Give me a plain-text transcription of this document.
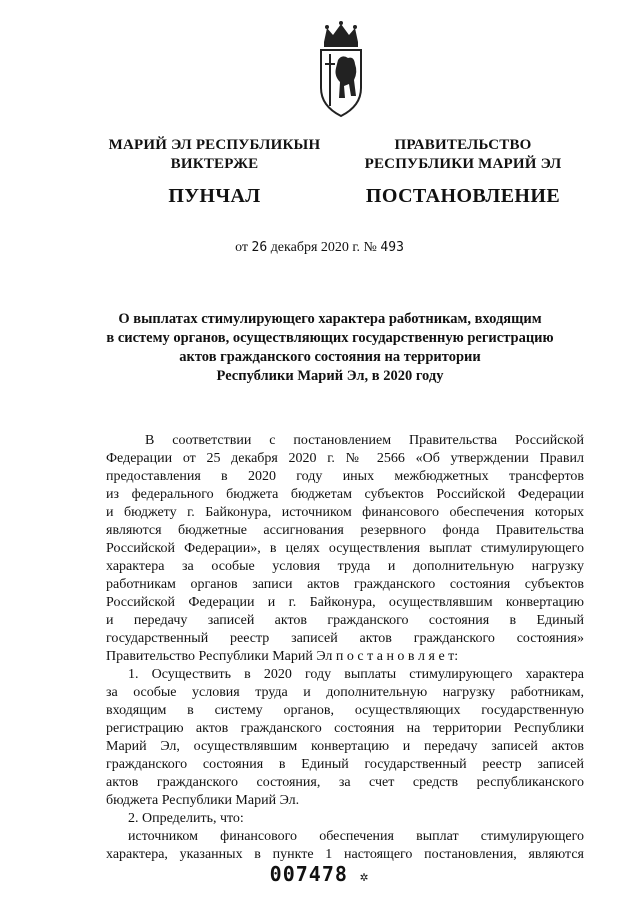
МАРИЙ ЭЛ РЕСПУБЛИКЫН
ВИКТЕРЖЕ
ПУНЧАЛ
ПРАВИТЕЛЬСТВО
РЕСПУБЛИКИ МАРИЙ ЭЛ
ПОСТАНОВЛЕНИЕ
от 26 декабря 2020 г. № 493
О выплатах стимулирующего характера работникам, входящим
в систему органов, осуществляющих государственную регистрацию
актов гражданского состояния на территории
Республики Марий Эл, в 2020 году
В соответствии с постановлением Правительства Российской
Федерации от 25 декабря 2020 г. № 2566 «Об утверждении Правил
предоставления в 2020 году иных межбюджетных трансфертов
из федерального бюджета бюджетам субъектов Российской Федерации
и бюджету г. Байконура, источником финансового обеспечения которых
являются бюджетные ассигнования резервного фонда Правительства
Российской Федерации», в целях осуществления выплат стимулирующего
характера за особые условия труда и дополнительную нагрузку
работникам органов записи актов гражданского состояния субъектов
Российской Федерации и г. Байконура, осуществлявшим конвертацию
и передачу записей актов гражданского состояния в Единый
государственный реестр записей актов гражданского состояния»
Правительство Республики Марий Эл п о с т а н о в л я е т:
1. Осуществить в 2020 году выплаты стимулирующего характера
за особые условия труда и дополнительную нагрузку работникам,
входящим в систему органов, осуществляющих государственную
регистрацию актов гражданского состояния на территории Республики
Марий Эл, осуществлявшим конвертацию и передачу записей актов
гражданского состояния в Единый государственный реестр записей
актов гражданского состояния, за счет средств республиканского
бюджета Республики Марий Эл.
2. Определить, что:
источником финансового обеспечения выплат стимулирующего
характера, указанных в пункте 1 настоящего постановления, являются
007478 ✲
